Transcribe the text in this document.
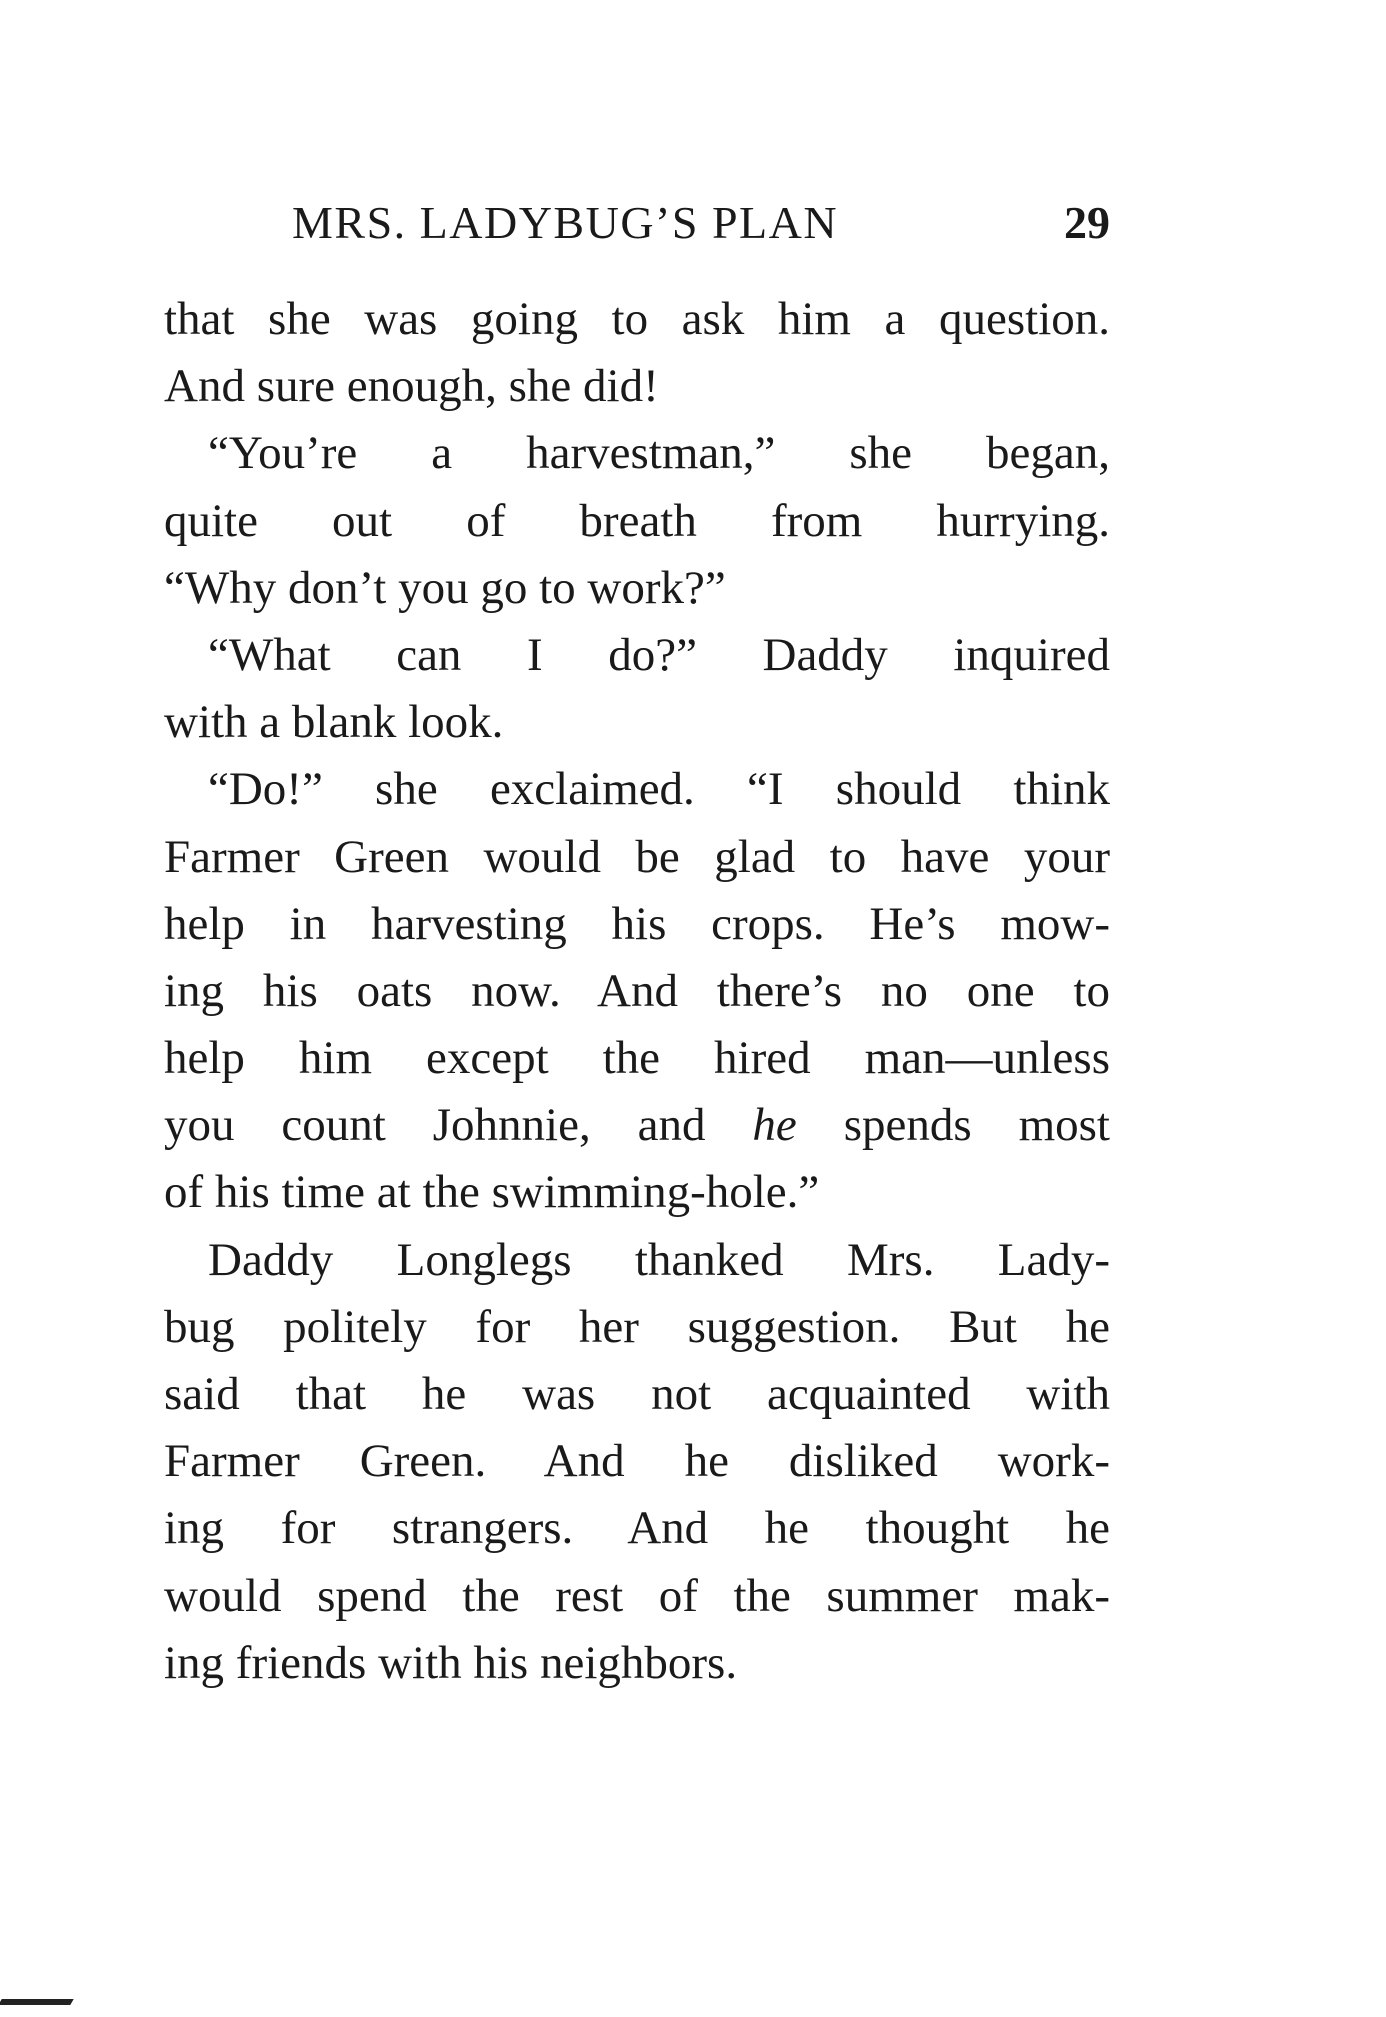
MRS. LADYBUG’S PLAN	29
that she was going to ask him a question.
And sure enough, she did!
“You’re a harvestman,” she began,
quite out of breath from hurrying.
“Why don’t you go to work?”
“What can I do?” Daddy inquired
with a blank look.
“Do!” she exclaimed. “I should think
Farmer Green would be glad to have your
help in harvesting his crops. He’s mow-
ing his oats now. And there’s no one to
help him except the hired man—unless
you count Johnnie, and he spends most
of his time at the swimming-hole.”
Daddy Longlegs thanked Mrs. Lady-
bug politely for her suggestion. But he
said that he was not acquainted with
Farmer Green. And he disliked work-
ing for strangers. And he thought he
would spend the rest of the summer mak-
ing friends with his neighbors.
